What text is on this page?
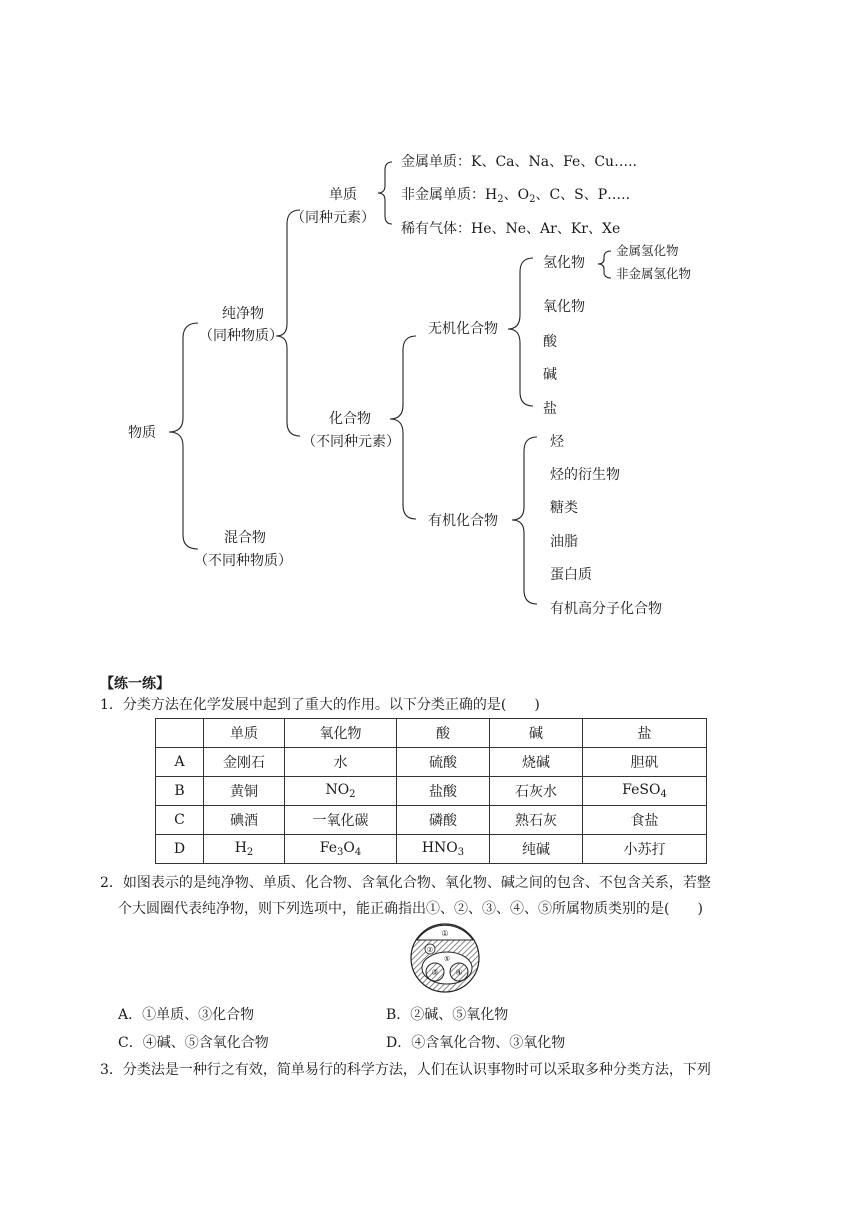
物质
纯净物
（同种物质）
混合物
（不同种物质）
单质
（同种元素）
化合物
（不同种元素）
金属单质：K、Ca、Na、Fe、Cu…..
非金属单质：$H_2$、$O_2$、C、S、P…..
稀有气体：He、Ne、Ar、Kr、Xe
无机化合物
有机化合物
氢化物
金属氢化物
非金属氢化物
氧化物
酸
碱
盐
烃
烃的衍生物
糖类
油脂
蛋白质
有机高分子化合物
【练一练】
1．分类方法在化学发展中起到了重大的作用。以下分类正确的是(　　)
	单质	氧化物	酸	碱	盐
A	金刚石	水	硫酸	烧碱	胆矾
B	黄铜	$NO_2$	盐酸	石灰水	FeSO$_4$
C	碘酒	一氧化碳	磷酸	熟石灰	食盐
D	$H_2$	$Fe_3O_4$	$HNO_3$	纯碱	小苏打
2．如图表示的是纯净物、单质、化合物、含氧化合物、氧化物、碱之间的包含、不包含关系，若整
个大圆圈代表纯净物，则下列选项中，能正确指出①、②、③、④、⑤所属物质类别的是(　　)
①
②
⑤
③ ④
A．①单质、③化合物	B．②碱、⑤氧化物
C．④碱、⑤含氧化合物	D．④含氧化合物、③氧化物
3．分类法是一种行之有效，简单易行的科学方法，人们在认识事物时可以采取多种分类方法，下列
